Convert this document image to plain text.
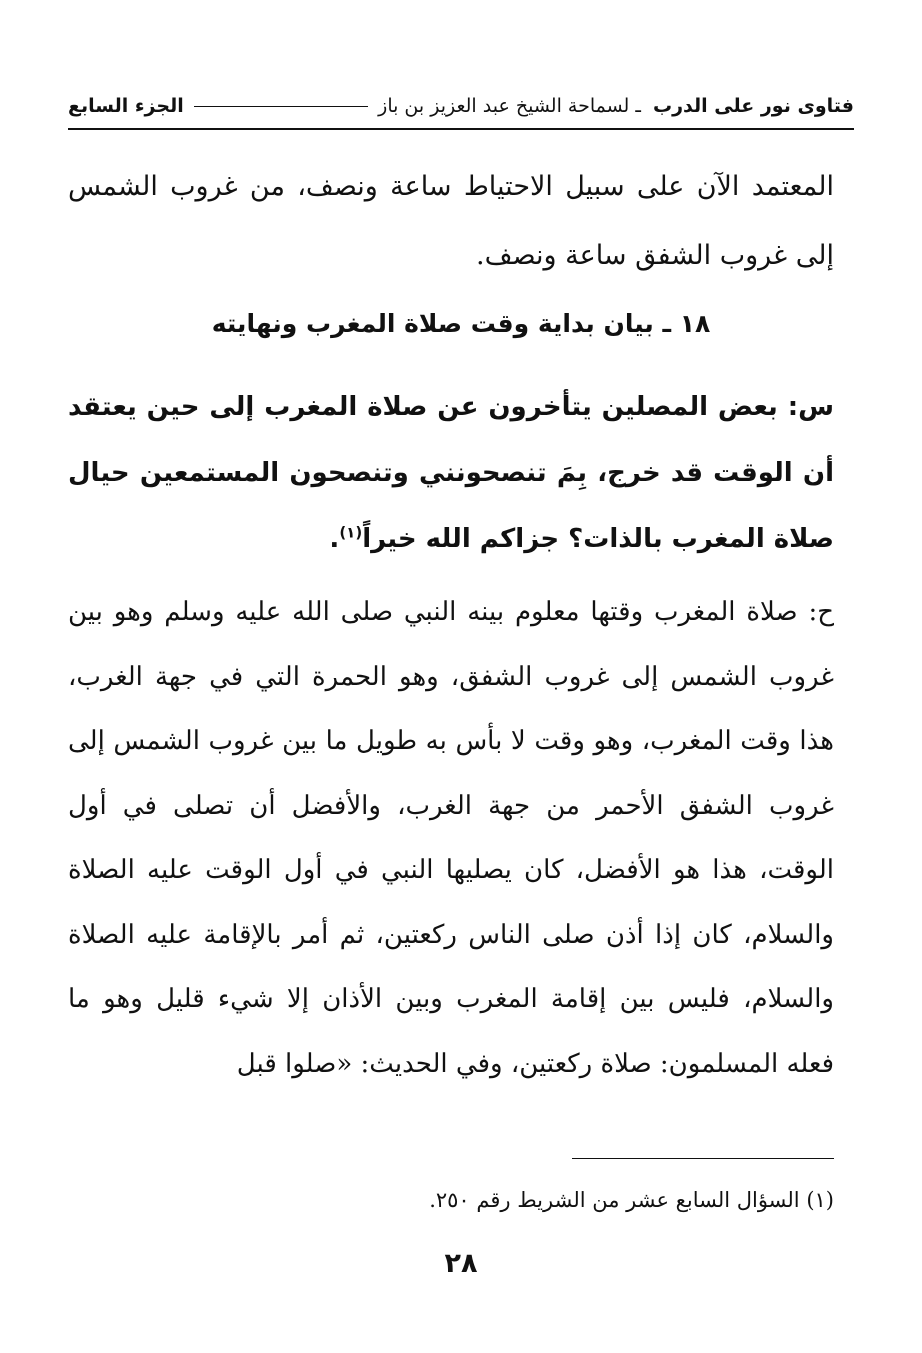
فتاوى نور على الدرب ـ لسماحة الشيخ عبد العزيز بن باز
الجزء السابع
المعتمد الآن على سبيل الاحتياط ساعة ونصف، من غروب الشمس إلى غروب الشفق ساعة ونصف.
١٨ ـ بيان بداية وقت صلاة المغرب ونهايته
س: بعض المصلين يتأخرون عن صلاة المغرب إلى حين يعتقد أن الوقت قد خرج، بِمَ تنصحونني وتنصحون المستمعين حيال صلاة المغرب بالذات؟ جزاكم الله خيراً$^{(١)}$.
ح: صلاة المغرب وقتها معلوم بينه النبي صلى الله عليه وسلم وهو بين غروب الشمس إلى غروب الشفق، وهو الحمرة التي في جهة الغرب، هذا وقت المغرب، وهو وقت لا بأس به طويل ما بين غروب الشمس إلى غروب الشفق الأحمر من جهة الغرب، والأفضل أن تصلى في أول الوقت، هذا هو الأفضل، كان يصليها النبي في أول الوقت عليه الصلاة والسلام، كان إذا أذن صلى الناس ركعتين، ثم أمر بالإقامة عليه الصلاة والسلام، فليس بين إقامة المغرب وبين الأذان إلا شيء قليل وهو ما فعله المسلمون: صلاة ركعتين، وفي الحديث: «صلوا قبل
(١) السؤال السابع عشر من الشريط رقم ٢٥٠.
٢٨
